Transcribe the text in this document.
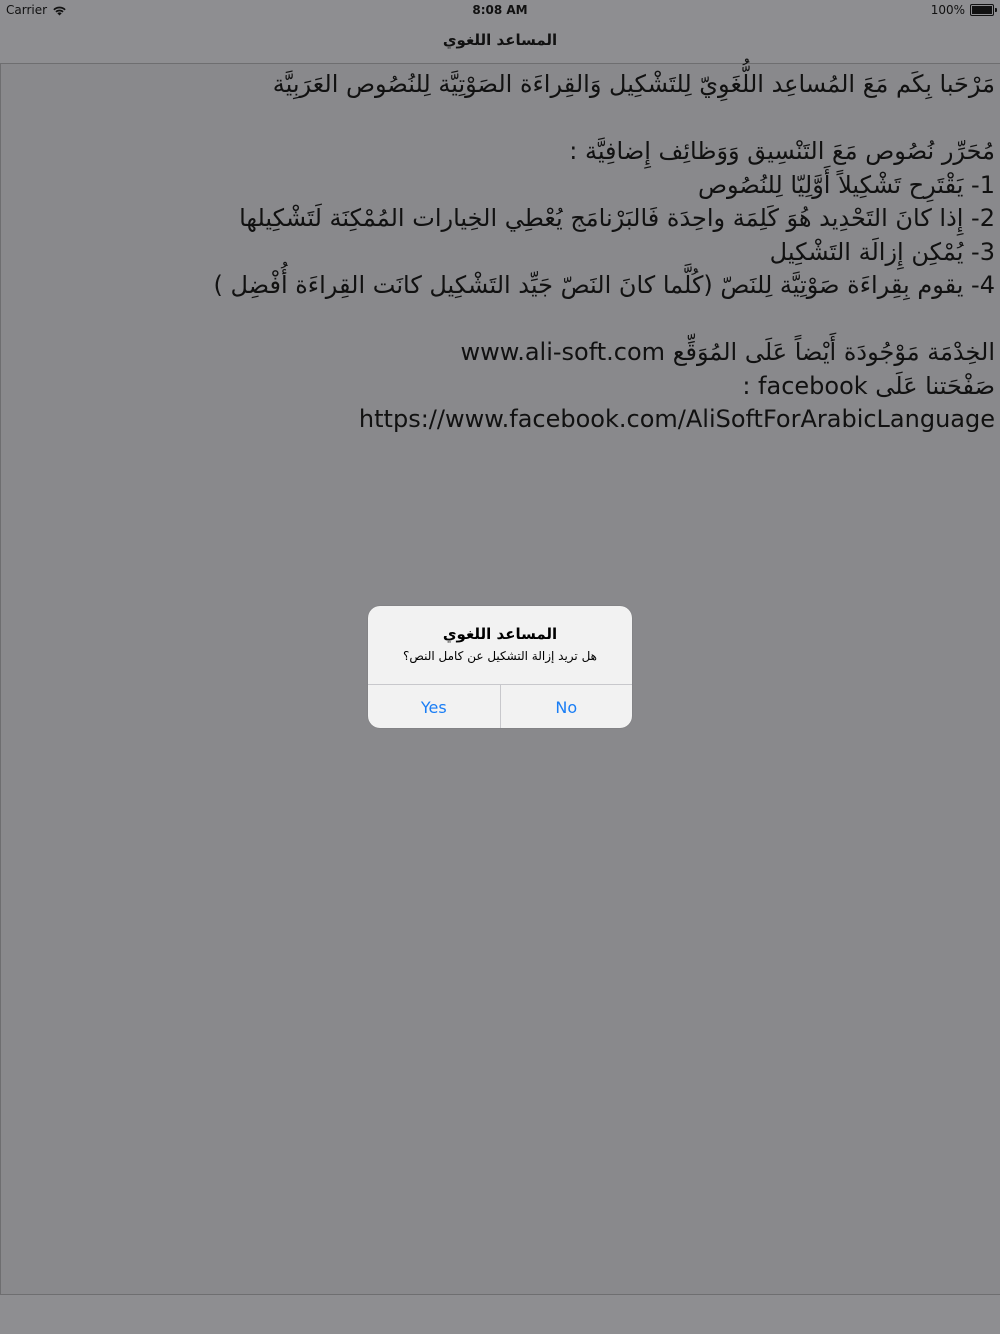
Carrier	8:08 AM	100%
المساعد اللغوي
مَرْحَبا بِكَم مَعَ المُساعِد اللُّغَوِيّ لِلتَشْكِيل وَالقِراءَة الصَوْتِيَّة لِلنُصُوص العَرَبِيَّة
مُحَرِّر نُصُوص مَعَ التَنْسِيق وَوَظائِف إِضافِيَّة :
1- يَقْتَرِح تَشْكِيلاً أَوَّلِيّا لِلنُصُوص
2- إِذا كانَ التَحْدِيد هُوَ كَلِمَة واحِدَة فَالبَرْنامَج يُعْطِي الخِيارات المُمْكِنَة لَتَشْكِيلها
3- يُمْكِن إِزالَة التَشْكِيل
4- يقوم بِقِراءَة صَوْتِيَّة لِلنَصّ (كُلَّما كانَ النَصّ جَيِّد التَشْكِيل كانَت القِراءَة أُفْضِل )
الخِدْمَة مَوْجُودَة أَيْضاً عَلَى المُوَقِّع www.ali-soft.com
صَفْحَتنا عَلَى facebook :
https://www.facebook.com/AliSoftForArabicLanguage
المساعد اللغوي
هل تريد إزالة التشكيل عن كامل النص؟
Yes	No
